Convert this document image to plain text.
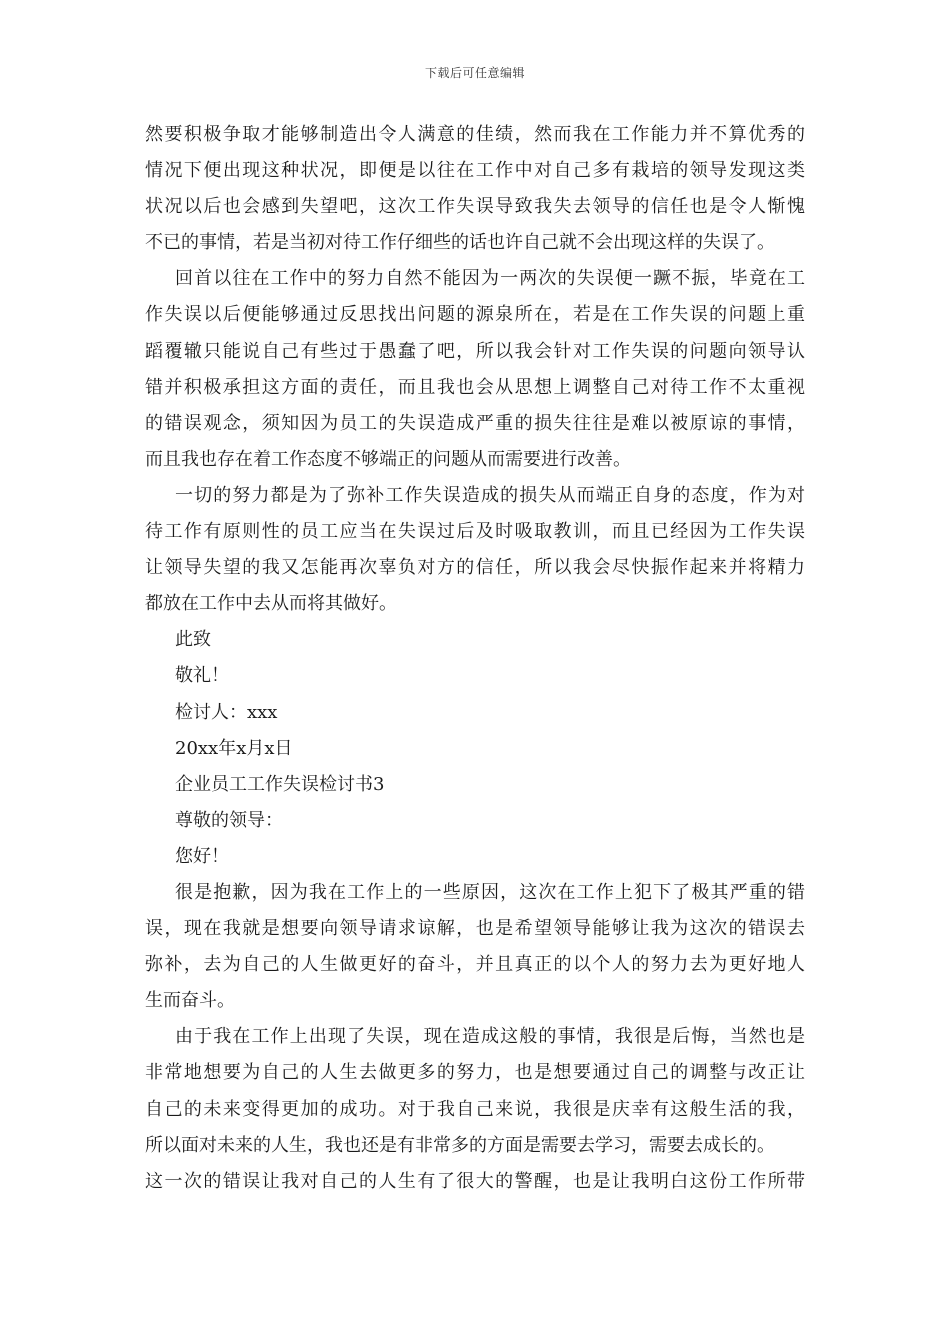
下载后可任意编辑
然要积极争取才能够制造出令人满意的佳绩，然而我在工作能力并不算优秀的
情况下便出现这种状况，即便是以往在工作中对自己多有栽培的领导发现这类
状况以后也会感到失望吧，这次工作失误导致我失去领导的信任也是令人惭愧
不已的事情，若是当初对待工作仔细些的话也许自己就不会出现这样的失误了。
回首以往在工作中的努力自然不能因为一两次的失误便一蹶不振，毕竟在工
作失误以后便能够通过反思找出问题的源泉所在，若是在工作失误的问题上重
蹈覆辙只能说自己有些过于愚蠢了吧，所以我会针对工作失误的问题向领导认
错并积极承担这方面的责任，而且我也会从思想上调整自己对待工作不太重视
的错误观念，须知因为员工的失误造成严重的损失往往是难以被原谅的事情，
而且我也存在着工作态度不够端正的问题从而需要进行改善。
一切的努力都是为了弥补工作失误造成的损失从而端正自身的态度，作为对
待工作有原则性的员工应当在失误过后及时吸取教训，而且已经因为工作失误
让领导失望的我又怎能再次辜负对方的信任，所以我会尽快振作起来并将精力
都放在工作中去从而将其做好。
此致
敬礼！
检讨人：xxx
20xx年x月x日
企业员工工作失误检讨书3
尊敬的领导：
您好！
很是抱歉，因为我在工作上的一些原因，这次在工作上犯下了极其严重的错
误，现在我就是想要向领导请求谅解，也是希望领导能够让我为这次的错误去
弥补，去为自己的人生做更好的奋斗，并且真正的以个人的努力去为更好地人
生而奋斗。
由于我在工作上出现了失误，现在造成这般的事情，我很是后悔，当然也是
非常地想要为自己的人生去做更多的努力，也是想要通过自己的调整与改正让
自己的未来变得更加的成功。对于我自己来说，我很是庆幸有这般生活的我，
所以面对未来的人生，我也还是有非常多的方面是需要去学习，需要去成长的。
这一次的错误让我对自己的人生有了很大的警醒，也是让我明白这份工作所带
